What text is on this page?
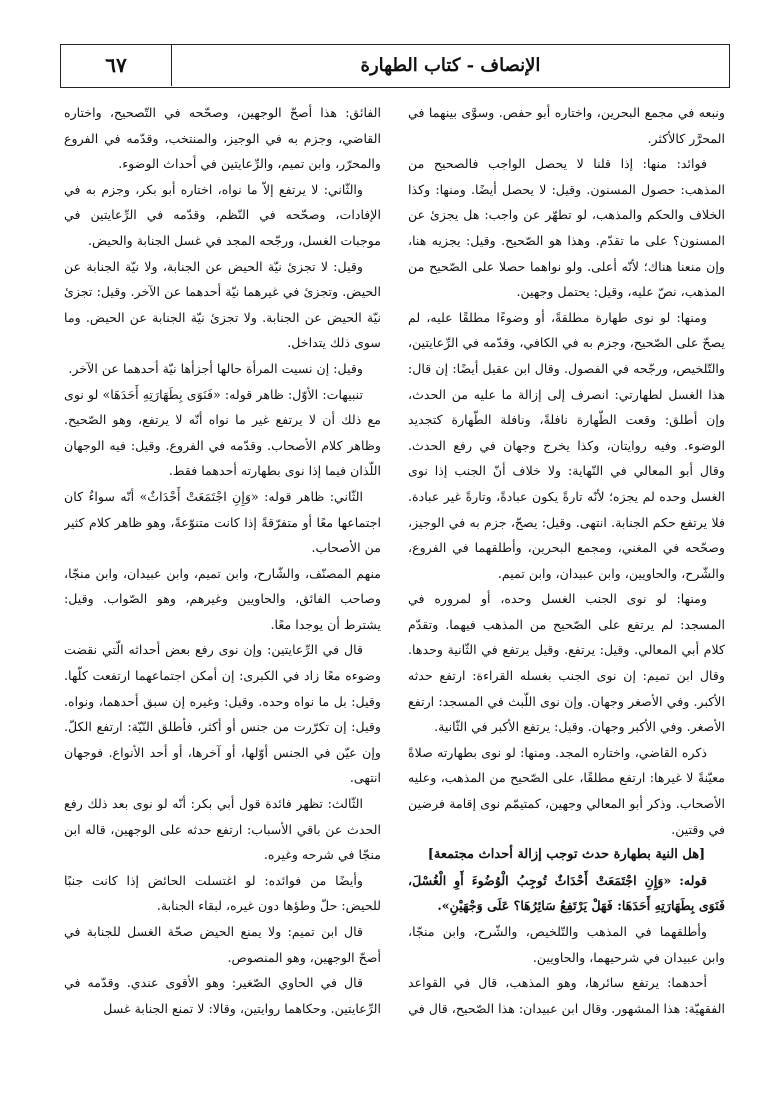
الإنصاف - كتاب الطهارة
٦٧

ونبعه في مجمع البحرين، واختاره أبو حفص. وسوَّى بينهما في المحرَّر كالأكثر.

فوائد: منها: إذا قلنا لا يحصل الواجب فالصحيح من المذهب: حصول المسنون. وقيل: لا يحصل أيضًا. ومنها: وكذا الخلاف والحكم والمذهب، لو تطهّر عن واجب: هل يجزئ عن المسنون؟ على ما تقدّم. وهذا هو الصّحيح. وقيل: يجزيه هنا، وإن منعنا هناك؛ لأنّه أعلى. ولو نواهما حصلا على الصّحيح من المذهب، نصّ عليه، وقيل: يحتمل وجهين.

ومنها: لو نوى طهارة مطلقةً، أو وضوءًا مطلقًا عليه، لم يصحّ على الصّحيح، وجزم به في الكافي، وقدّمه في الرِّعايتين، والتّلخيص، ورجّحه في الفصول. وقال ابن عقيل أيضًا: إن قال: هذا الغسل لطهارتي: انصرف إلى إزالة ما عليه من الحدث، وإن أطلق: وقعت الطّهارة نافلةً، ونافلة الطّهارة كتجديد الوضوء. وفيه روايتان، وكذا يخرج وجهان في رفع الحدث. وقال أبو المعالي في النّهاية: ولا خلاف أنّ الجنب إذا نوى الغسل وحده لم يجزه؛ لأنّه تارةً يكون عبادةً، وتارةً غير عبادة. فلا يرتفع حكم الجنابة. انتهى. وقيل: يصحّ، جزم به في الوجيز، وصحّحه في المغني، ومجمع البحرين، وأطلقهما في الفروع، والشّرح، والحاويين، وابن عبيدان، وابن تميم.

ومنها: لو نوى الجنب الغسل وحده، أو لمروره في المسجد: لم يرتفع على الصّحيح من المذهب فيهما. وتقدّم كلام أبي المعالي. وقيل: يرتفع. وقيل يرتفع في الثّانية وحدها. وقال ابن تميم: إن نوى الجنب بغسله القراءة: ارتفع حدثه الأكبر. وفي الأصغر وجهان. وإن نوى اللّبث في المسجد: ارتفع الأصغر. وفي الأكبر وجهان. وقيل: يرتفع الأكبر في الثّانية.

ذكره القاضي، واختاره المجد. ومنها: لو نوى بطهارته صلاةً معيّنةً لا غيرها: ارتفع مطلقًا، على الصّحيح من المذهب، وعليه الأصحاب. وذكر أبو المعالي وجهين، كمتيمّم نوى إقامة فرضين في وقتين.

[هل النية بطهارة حدث توجب إزالة أحداث مجتمعة]

قوله: «وَإِنِ اجْتَمَعَتْ أَحْدَاثٌ تُوجِبُ الْوُضُوءَ أَوِ الْغُسْلَ، فَنَوَى بِطَهَارَتِهِ أَحَدَهَا: فَهَلْ يَرْتَفِعُ سَائِرُهَا؟ عَلَى وَجْهَيْنِ».

وأطلقهما في المذهب والتّلخيص، والشّرح، وابن منجّا، وابن عبيدان في شرحيهما، والحاويين.

أحدهما: يرتفع سائرها، وهو المذهب، قال في القواعد الفقهيّة: هذا المشهور. وقال ابن عبيدان: هذا الصّحيح، قال في

الفائق: هذا أصحّ الوجهين، وصحّحه في التّصحيح، واختاره القاضي، وجزم به في الوجيز، والمنتخب، وقدّمه في الفروع والمحرّر، وابن تميم، والرِّعايتين في أحداث الوضوء.

والثّاني: لا يرتفع إلاّ ما نواه، اختاره أبو بكر، وجزم به في الإفادات، وصحّحه في النّظم، وقدّمه في الرِّعايتين في موجبات الغسل، ورجّحه المجد في غسل الجنابة والحيض.

وقيل: لا تجزئ نيّة الحيض عن الجنابة، ولا نيّة الجنابة عن الحيض. وتجزئ في غيرهما نيّة أحدهما عن الآخر. وقيل: تجزئ نيّة الحيض عن الجنابة. ولا تجزئ نيّة الجنابة عن الحيض. وما سوى ذلك يتداخل.

وقيل: إن نسيت المرأة حالها أجزأها نيّة أحدهما عن الآخر.

تنبيهات: الأوّل: ظاهر قوله: «فَنَوَى بِطَهَارَتِهِ أَحَدَهَا» لو نوى مع ذلك أن لا يرتفع غير ما نواه أنّه لا يرتفع، وهو الصّحيح. وظاهر كلام الأصحاب. وقدّمه في الفروع. وقيل: فيه الوجهان اللّذان فيما إذا نوى بطهارته أحدهما فقط.

الثّاني: ظاهر قوله: «وَإِنِ اجْتَمَعَتْ أَحْدَاثٌ» أنّه سواءٌ كان اجتماعها معًا أو متفرّقةً إذا كانت متنوّعةً، وهو ظاهر كلام كثير من الأصحاب.

منهم المصنّف، والشّارح، وابن تميم، وابن عبيدان، وابن منجّا، وصاحب الفائق، والحاويين وغيرهم، وهو الصّواب. وقيل: يشترط أن يوجدا معًا.

قال في الرِّعايتين: وإن نوى رفع بعض أحداثه الّتي نقضت وضوءه معًا زاد في الكبرى: إن أمكن اجتماعهما ارتفعت كلّها. وقيل: بل ما نواه وحده. وقيل: وغيره إن سبق أحدهما، ونواه. وقيل: إن تكرّرت من جنس أو أكثر، فأطلق النّيّة: ارتفع الكلّ. وإن عيّن في الجنس أوّلها، أو آخرها، أو أحد الأنواع. فوجهان انتهى.

الثّالث: تظهر فائدة قول أبي بكر: أنّه لو نوى بعد ذلك رفع الحدث عن باقي الأسباب: ارتفع حدثه على الوجهين، قاله ابن منجّا في شرحه وغيره.

وأيضًا من فوائده: لو اغتسلت الحائض إذا كانت جنبًا للحيض: حلّ وطؤها دون غيره، لبقاء الجنابة.

قال ابن تميم: ولا يمنع الحيض صحّة الغسل للجنابة في أصحّ الوجهين، وهو المنصوص.

قال في الحاوي الصّغير: وهو الأقوى عندي. وقدّمه في الرِّعايتين. وحكاهما روايتين، وقالا: لا تمنع الجنابة غسل
